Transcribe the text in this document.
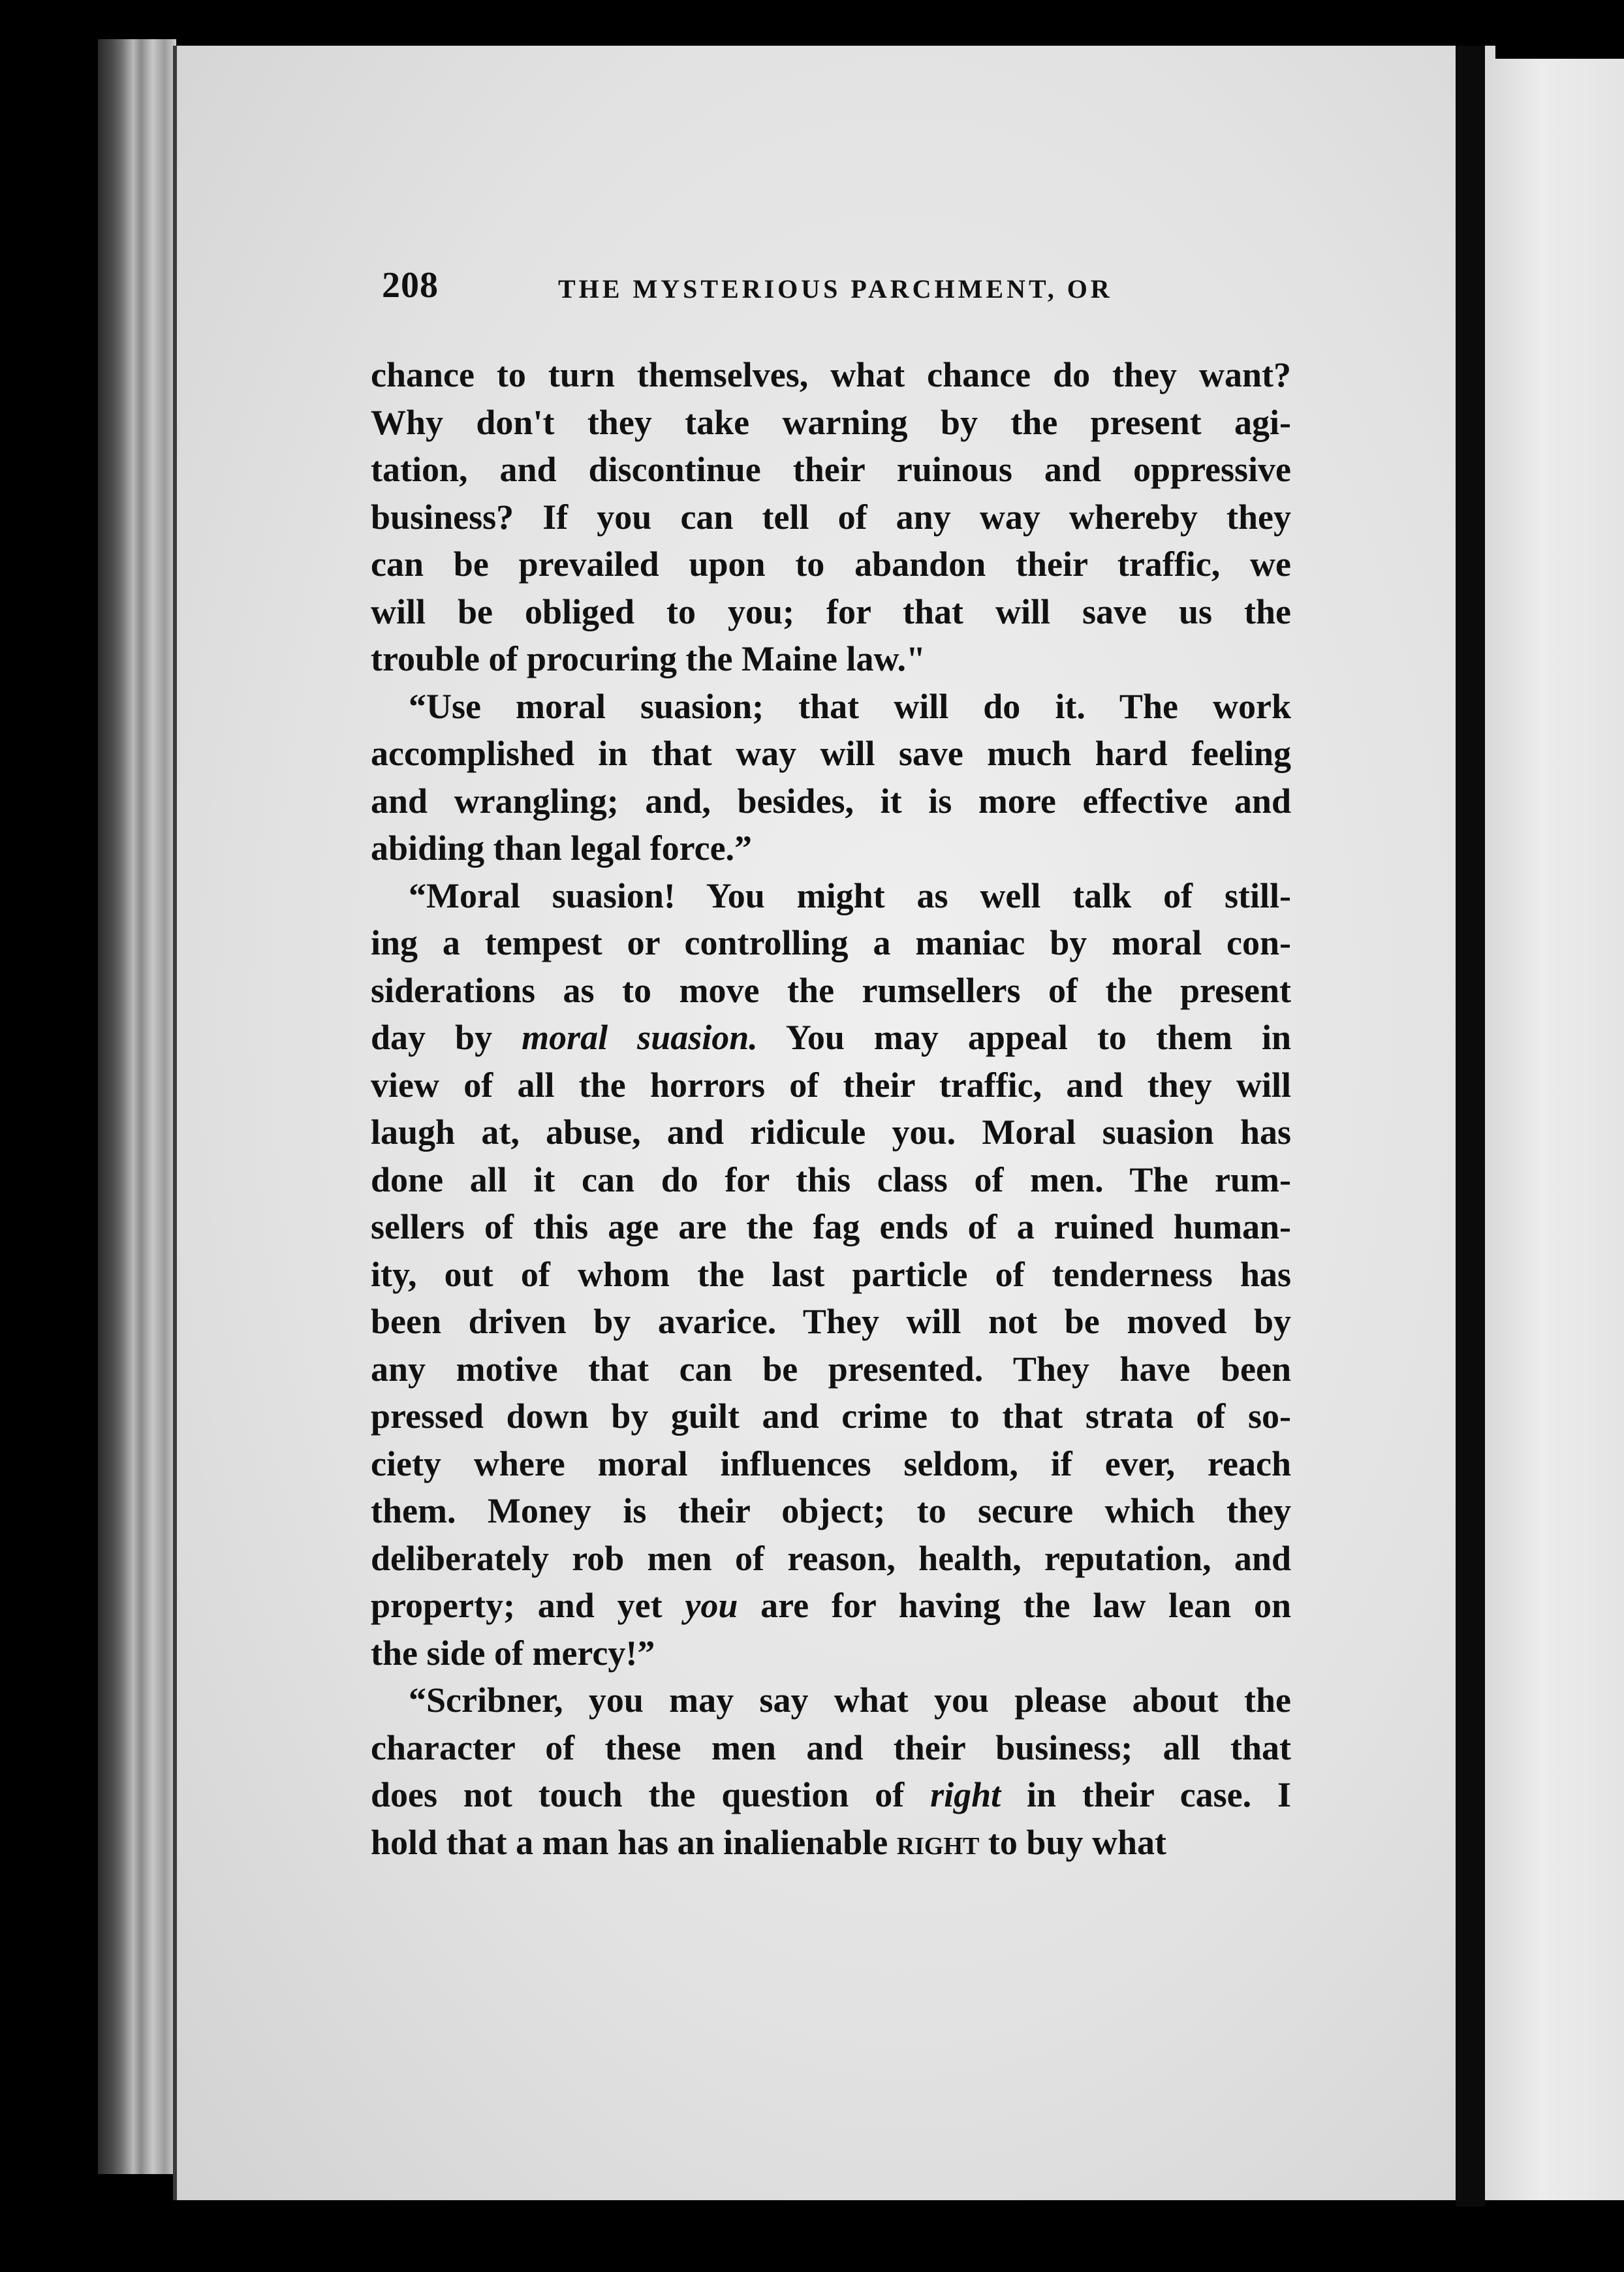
208	THE MYSTERIOUS PARCHMENT, OR
chance to turn themselves, what chance do they want?
Why don't they take warning by the present agi-
tation, and discontinue their ruinous and oppressive
business? If you can tell of any way whereby they
can be prevailed upon to abandon their traffic, we
will be obliged to you; for that will save us the
trouble of procuring the Maine law."
“Use moral suasion; that will do it. The work
accomplished in that way will save much hard feeling
and wrangling; and, besides, it is more effective and
abiding than legal force.”
“Moral suasion! You might as well talk of still-
ing a tempest or controlling a maniac by moral con-
siderations as to move the rumsellers of the present
day by moral suasion. You may appeal to them in
view of all the horrors of their traffic, and they will
laugh at, abuse, and ridicule you. Moral suasion has
done all it can do for this class of men. The rum-
sellers of this age are the fag ends of a ruined human-
ity, out of whom the last particle of tenderness has
been driven by avarice. They will not be moved by
any motive that can be presented. They have been
pressed down by guilt and crime to that strata of so-
ciety where moral influences seldom, if ever, reach
them. Money is their object; to secure which they
deliberately rob men of reason, health, reputation, and
property; and yet you are for having the law lean on
the side of mercy!”
“Scribner, you may say what you please about the
character of these men and their business; all that
does not touch the question of right in their case. I
hold that a man has an inalienable right to buy what
